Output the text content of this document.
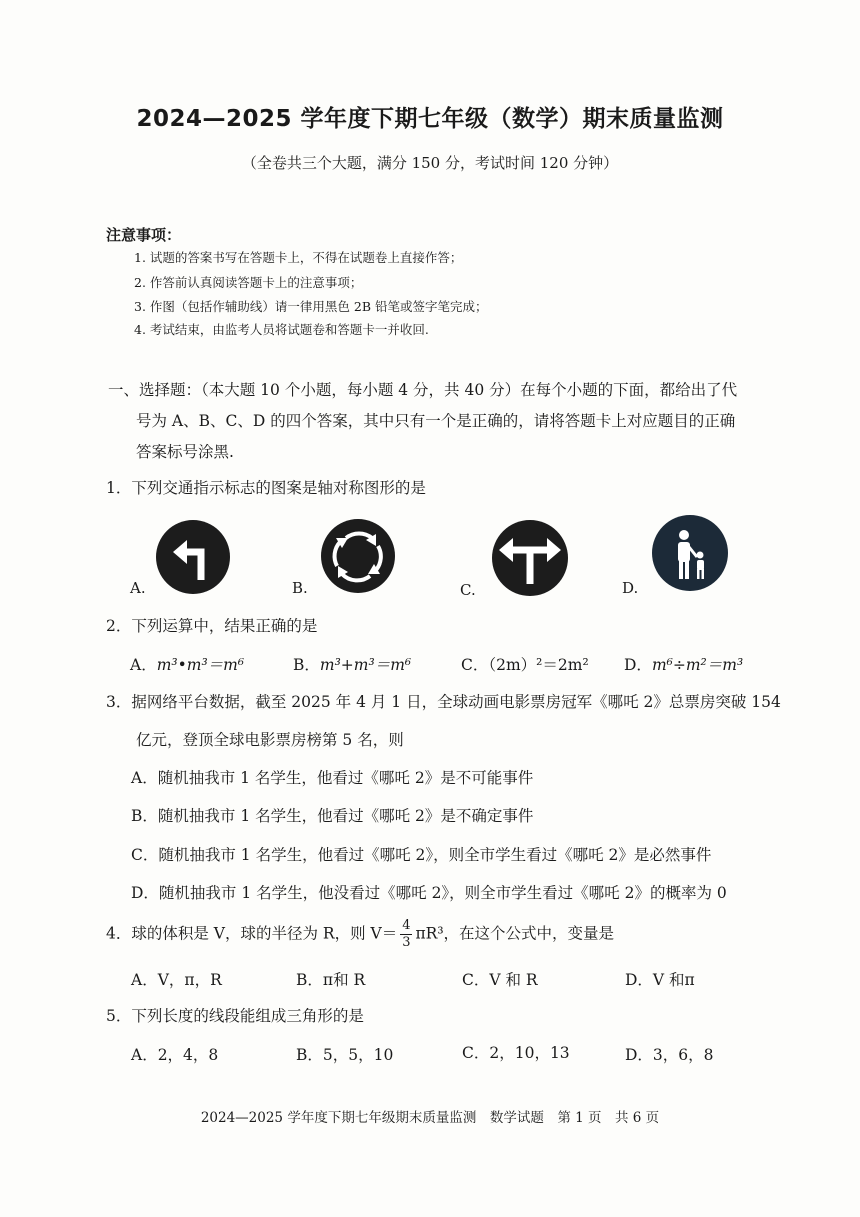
2024—2025 学年度下期七年级（数学）期末质量监测
（全卷共三个大题，满分 150 分，考试时间 120 分钟）
注意事项：
1. 试题的答案书写在答题卡上，不得在试题卷上直接作答；
2. 作答前认真阅读答题卡上的注意事项；
3. 作图（包括作辅助线）请一律用黑色 2B 铅笔或签字笔完成；
4. 考试结束，由监考人员将试题卷和答题卡一并收回.
一、选择题：（本大题 10 个小题，每小题 4 分，共 40 分）在每个小题的下面，都给出了代
号为 A、B、C、D 的四个答案，其中只有一个是正确的，请将答题卡上对应题目的正确
答案标号涂黑.
1．下列交通指示标志的图案是轴对称图形的是
A.	B.	C.	D.
2．下列运算中，结果正确的是
A．m³•m³＝m⁶	B．m³+m³＝m⁶	C．（2m）²＝2m² D．m⁶÷m²＝m³
3．据网络平台数据，截至 2025 年 4 月 1 日，全球动画电影票房冠军《哪吒 2》总票房突破 154
亿元，登顶全球电影票房榜第 5 名，则
A．随机抽我市 1 名学生，他看过《哪吒 2》是不可能事件
B．随机抽我市 1 名学生，他看过《哪吒 2》是不确定事件
C．随机抽我市 1 名学生，他看过《哪吒 2》，则全市学生看过《哪吒 2》是必然事件
D．随机抽我市 1 名学生，他没看过《哪吒 2》，则全市学生看过《哪吒 2》的概率为 0
4．球的体积是 V，球的半径为 R，则 $V= \frac{4}{3} \pi R^3$，在这个公式中，变量是
A．V，π，R	B．π和 R	C．V 和 R	D．V 和π
5．下列长度的线段能组成三角形的是
A．2，4，8	B．5，5，10	C．2，10，13	D．3，6，8
2024—2025 学年度下期七年级期末质量监测　数学试题　第 1 页　共 6 页
